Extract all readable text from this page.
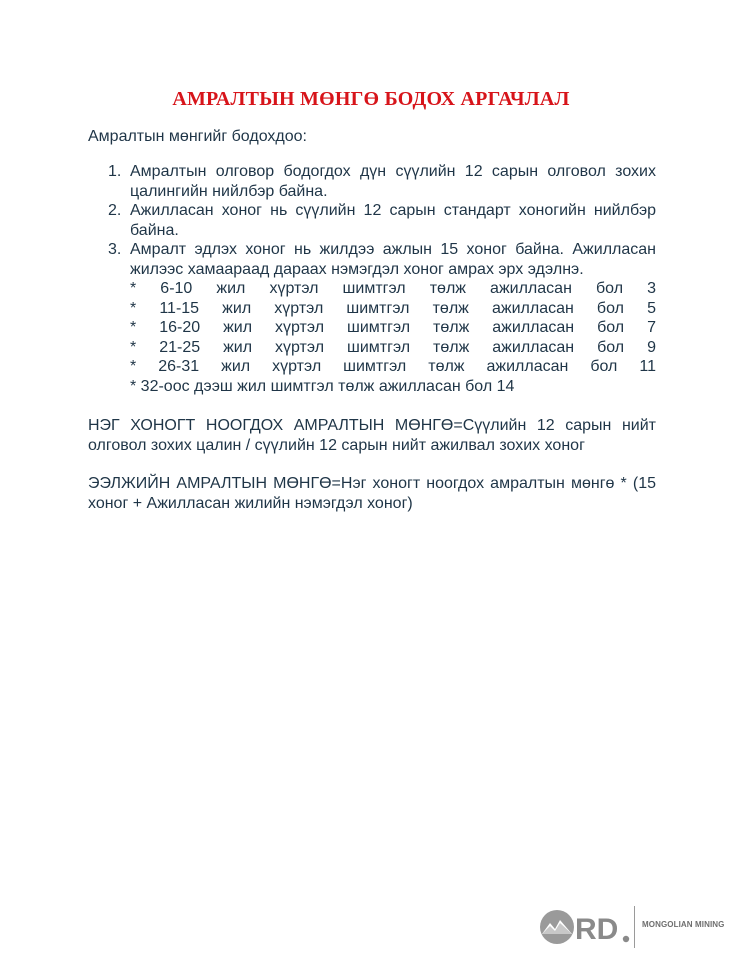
АМРАЛТЫН МӨНГӨ БОДОХ АРГАЧЛАЛ
Амралтын мөнгийг бодохдоо:
1. Амралтын олговор бодогдох дүн сүүлийн 12 сарын олговол зохих цалингийн нийлбэр байна.
2. Ажилласан хоног нь сүүлийн 12 сарын стандарт хоногийн нийлбэр байна.
3. Амралт эдлэх хоног нь жилдээ ажлын 15 хоног байна. Ажилласан жилээс хамаараад дараах нэмэгдэл хоног амрах эрх эдэлнэ.
* 6-10 жил хүртэл шимтгэл төлж ажилласан бол 3
* 11-15 жил хүртэл шимтгэл төлж ажилласан бол 5
* 16-20 жил хүртэл шимтгэл төлж ажилласан бол 7
* 21-25 жил хүртэл шимтгэл төлж ажилласан бол 9
* 26-31 жил хүртэл шимтгэл төлж ажилласан бол 11
* 32-оос дээш жил шимтгэл төлж ажилласан бол 14
НЭГ ХОНОГТ НООГДОХ АМРАЛТЫН МӨНГӨ=Сүүлийн 12 сарын нийт олговол зохих цалин / сүүлийн 12 сарын нийт ажилвал зохих хоног
ЭЭЛЖИЙН АМРАЛТЫН МӨНГӨ=Нэг хоногт ноогдох амралтын мөнгө * (15 хоног + Ажилласан жилийн нэмэгдэл хоног)
RD	MONGOLIAN MINING
